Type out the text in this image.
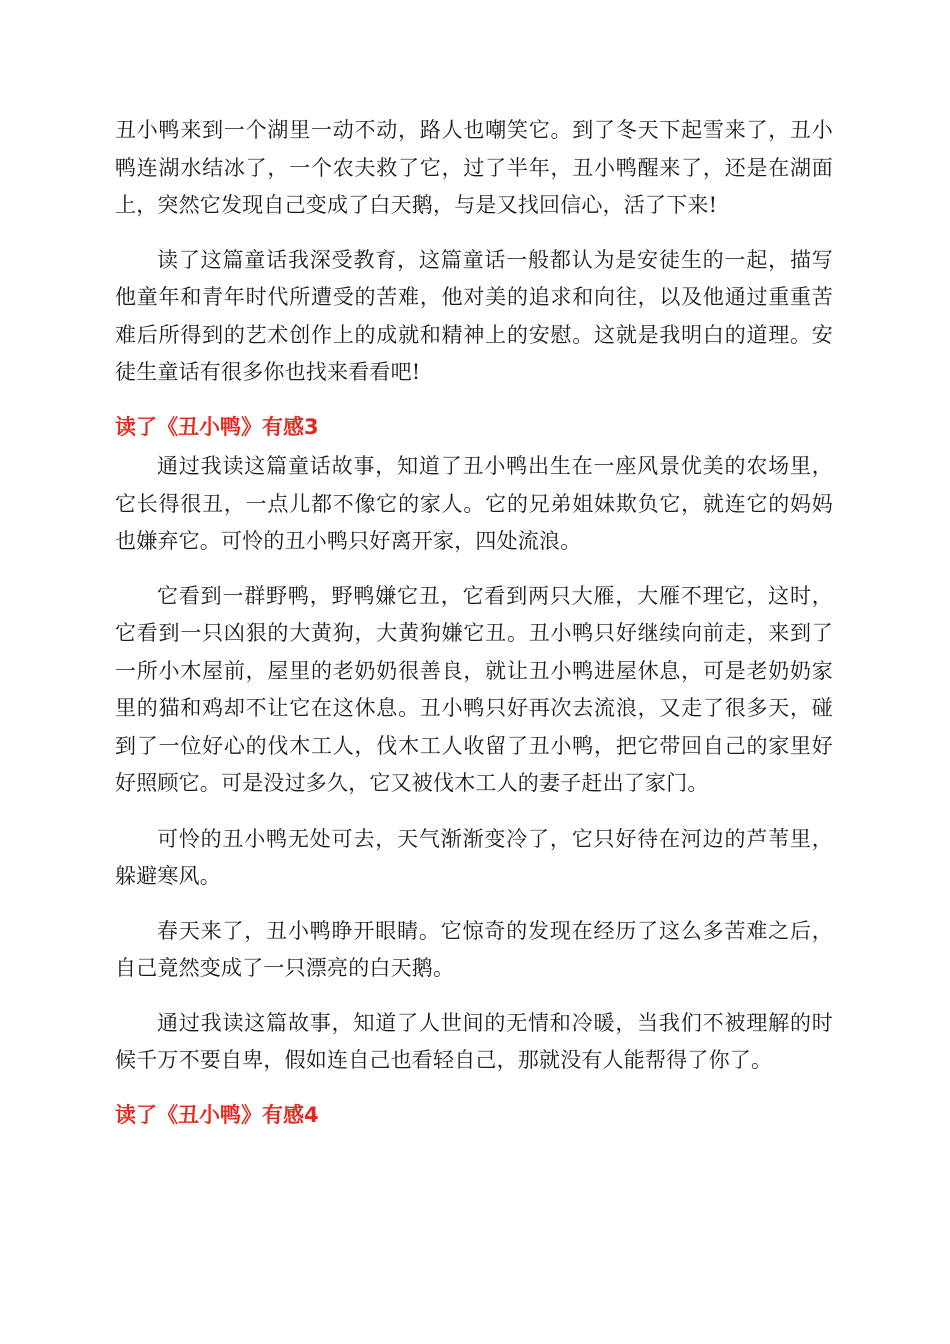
丑小鸭来到一个湖里一动不动，路人也嘲笑它。到了冬天下起雪来了，丑小鸭连湖水结冰了，一个农夫救了它，过了半年，丑小鸭醒来了，还是在湖面上，突然它发现自己变成了白天鹅，与是又找回信心，活了下来!

读了这篇童话我深受教育，这篇童话一般都认为是安徒生的一起，描写他童年和青年时代所遭受的苦难，他对美的追求和向往，以及他通过重重苦难后所得到的艺术创作上的成就和精神上的安慰。这就是我明白的道理。安徒生童话有很多你也找来看看吧!

读了《丑小鸭》有感3

通过我读这篇童话故事，知道了丑小鸭出生在一座风景优美的农场里，它长得很丑，一点儿都不像它的家人。它的兄弟姐妹欺负它，就连它的妈妈也嫌弃它。可怜的丑小鸭只好离开家，四处流浪。

它看到一群野鸭，野鸭嫌它丑，它看到两只大雁，大雁不理它，这时，它看到一只凶狠的大黄狗，大黄狗嫌它丑。丑小鸭只好继续向前走，来到了一所小木屋前，屋里的老奶奶很善良，就让丑小鸭进屋休息，可是老奶奶家里的猫和鸡却不让它在这休息。丑小鸭只好再次去流浪，又走了很多天，碰到了一位好心的伐木工人，伐木工人收留了丑小鸭，把它带回自己的家里好好照顾它。可是没过多久，它又被伐木工人的妻子赶出了家门。

可怜的丑小鸭无处可去，天气渐渐变冷了，它只好待在河边的芦苇里，躲避寒风。

春天来了，丑小鸭睁开眼睛。它惊奇的发现在经历了这么多苦难之后，自己竟然变成了一只漂亮的白天鹅。

通过我读这篇故事，知道了人世间的无情和冷暖，当我们不被理解的时候千万不要自卑，假如连自己也看轻自己，那就没有人能帮得了你了。

读了《丑小鸭》有感4
